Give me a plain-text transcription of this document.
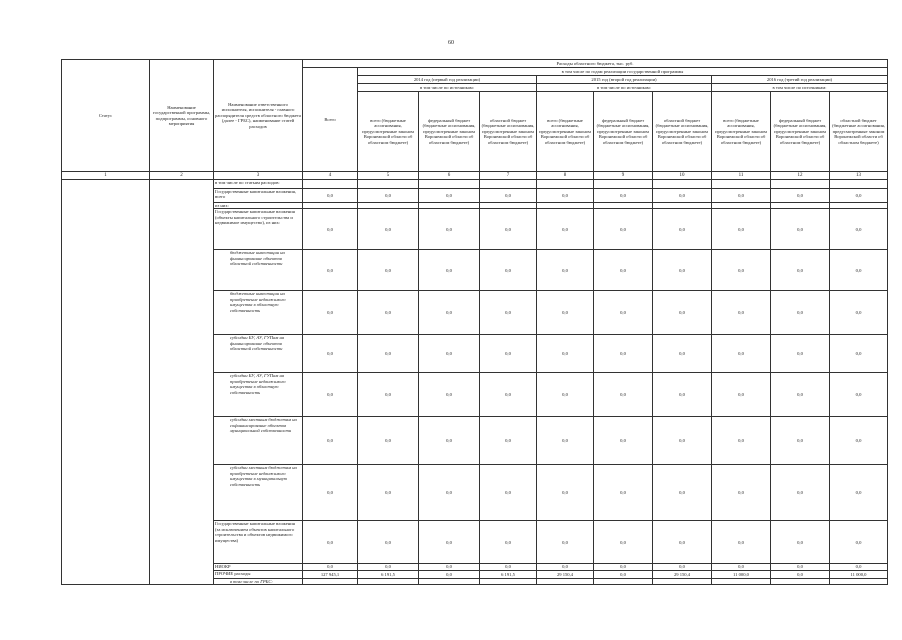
60
Статус	Наименование государственной программы, подпрограммы, основного мероприятия	Наименование ответственного исполнителя, исполнителя - главного распорядителя средств областного бюджета (далее - ГРБС), наименование статей расходов	Расходы областного бюджета, тыс. руб.									
			Всего	в том числе по годам реализации государственной программы								
				2014 год (первый год реализации)			2015 год (второй год реализации)			2016 год (третий год реализации)		
				в том числе по источникам:			в том числе по источникам:			в том числе по источникам:		
				всего (бюджетные ассигнования, предусмотренные законом Воронежской области об областном бюджете)	федеральный бюджет (бюджетные ассигнования, предусмотренные законом Воронежской области об областном бюджете)	областной бюджет (бюджетные ассигнования, предусмотренные законом Воронежской области об областном бюджете)	всего (бюджетные ассигнования, предусмотренные законом Воронежской области об областном бюджете)	федеральный бюджет (бюджетные ассигнования, предусмотренные законом Воронежской области об областном бюджете)	областной бюджет (бюджетные ассигнования, предусмотренные законом Воронежской области об областном бюджете)	всего (бюджетные ассигнования, предусмотренные законом Воронежской области об областном бюджете)	федеральный бюджет (бюджетные ассигнования, предусмотренные законом Воронежской области об областном бюджете)	областной бюджет (бюджетные ассигнования, предусмотренные законом Воронежской области об областном бюджете)
1	2	3	4	5	6	7	8	9	10	11	12	13
		в том числе по статьям расходов:										
		Государственные капитальные вложения, всего	0,0	0,0	0,0	0,0	0,0	0,0	0,0	0,0	0,0	0,0
		из них:										
		Государственные капитальные вложения (объекты капитального строительства и недвижимое имущество), из них:	0,0	0,0	0,0	0,0	0,0	0,0	0,0	0,0	0,0	0,0
		бюджетные инвестиции на финансирование объектов областной собственности	0,0	0,0	0,0	0,0	0,0	0,0	0,0	0,0	0,0	0,0
		бюджетные инвестиции на приобретение недвижимого имущества в областную собственность	0,0	0,0	0,0	0,0	0,0	0,0	0,0	0,0	0,0	0,0
		субсидии БУ, АУ, ГУПам на финансирование объектов областной собственности	0,0	0,0	0,0	0,0	0,0	0,0	0,0	0,0	0,0	0,0
		субсидии БУ, АУ, ГУПам на приобретение недвижимого имущества в областную собственность	0,0	0,0	0,0	0,0	0,0	0,0	0,0	0,0	0,0	0,0
		субсидии местным бюджетам на софинансирование объектов муниципальной собственности	0,0	0,0	0,0	0,0	0,0	0,0	0,0	0,0	0,0	0,0
		субсидии местным бюджетам на приобретение недвижимого имущества в муниципальную собственность	0,0	0,0	0,0	0,0	0,0	0,0	0,0	0,0	0,0	0,0
		Государственные капитальные вложения (за исключением объектов капитального строительства и объектов недвижимого имущества)	0,0	0,0	0,0	0,0	0,0	0,0	0,0	0,0	0,0	0,0
		НИОКР	0,0	0,0	0,0	0,0	0,0	0,0	0,0	0,0	0,0	0,0
		ПРОЧИЕ расходы	127 945,1	6 191,5	0,0	6 191,5	29 150,4	0,0	29 150,4	11 000,0	0,0	11 000,0
		в том числе по ГРБС:										
